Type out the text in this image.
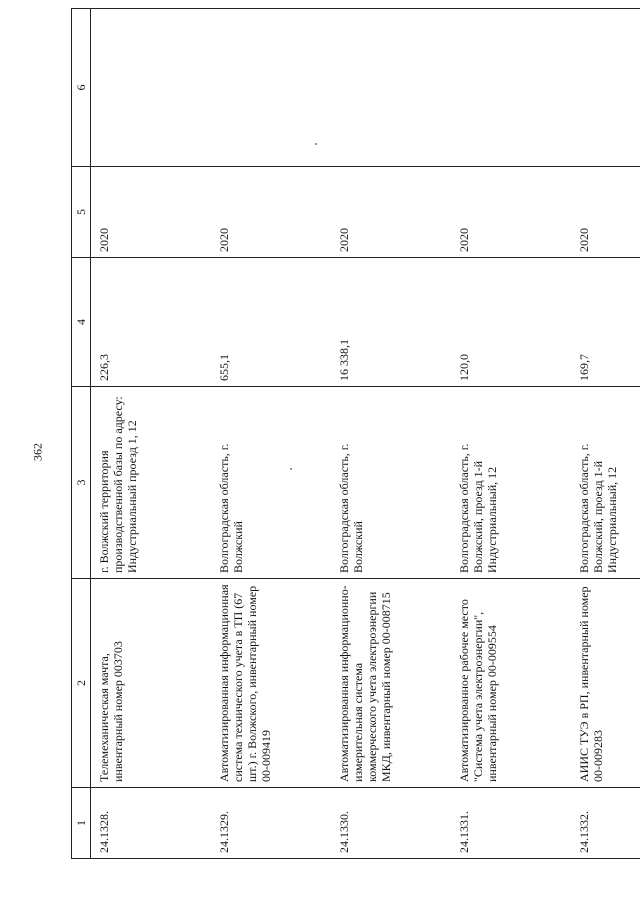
362
1	2	3	4	5	6
24.1328.	Телемеханическая мачта, инвентарный номер 003703	г. Волжский территория производственной базы по адресу: Индустриальный проезд 1, 12	226,3	2020	
24.1329.	Автоматизированная информационная система технического учета в ТП (67 шт.) г. Волжского, инвентарный номер 00-009419	Волгоградская область, г. Волжский	655,1	2020	
24.1330.	Автоматизированная информационно-измерительная система коммерческого учета электроэнергии МКД, инвентарный номер 00-008715	Волгоградская область, г. Волжский	16 338,1	2020	
24.1331.	Автоматизированное рабочее место "Система учета электроэнергии", инвентарный номер 00-009554	Волгоградская область, г. Волжский, проезд 1-й Индустриальный, 12	120,0	2020	
24.1332.	АИИС ТУЭ в РП, инвентарный номер 00-009283	Волгоградская область, г. Волжский, проезд 1-й Индустриальный, 12	169,7	2020	
